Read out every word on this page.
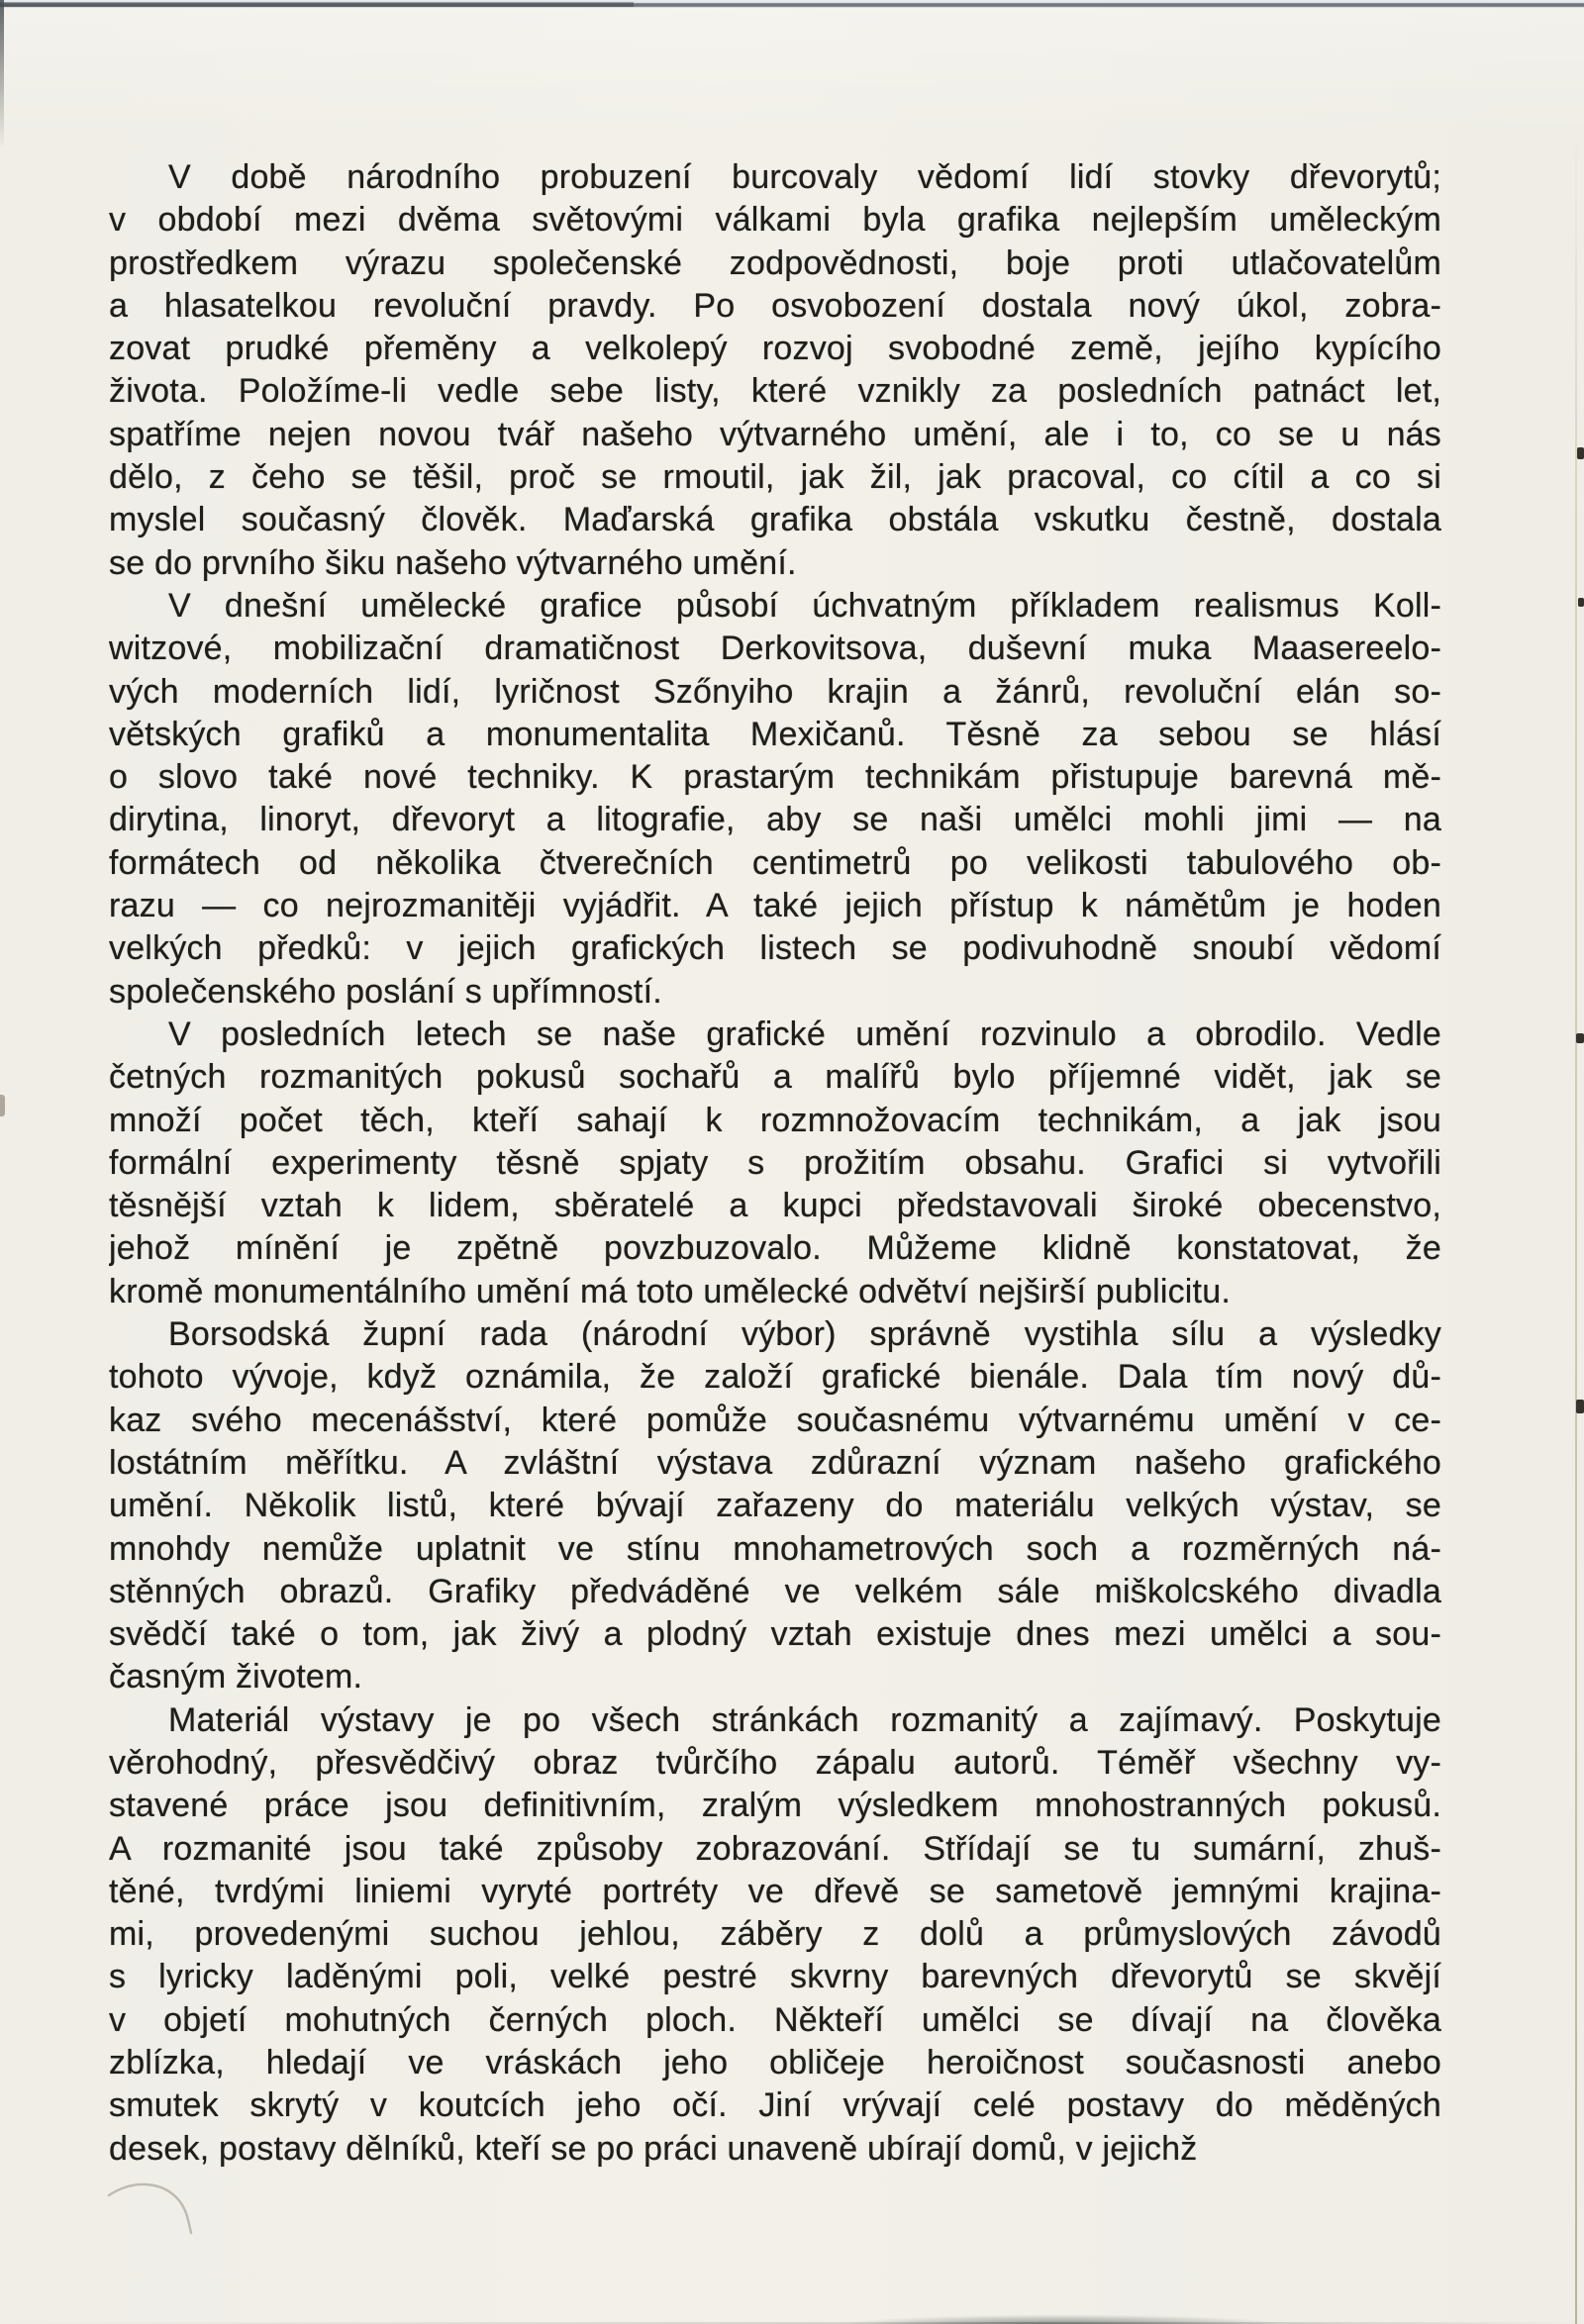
V době národního probuzení burcovaly vědomí lidí stovky dřevorytů;
v období mezi dvěma světovými válkami byla grafika nejlepším uměleckým
prostředkem výrazu společenské zodpovědnosti, boje proti utlačovatelům
a hlasatelkou revoluční pravdy. Po osvobození dostala nový úkol, zobra-
zovat prudké přeměny a velkolepý rozvoj svobodné země, jejího kypícího
života. Položíme-li vedle sebe listy, které vznikly za posledních patnáct let,
spatříme nejen novou tvář našeho výtvarného umění, ale i to, co se u nás
dělo, z čeho se těšil, proč se rmoutil, jak žil, jak pracoval, co cítil a co si
myslel současný člověk. Maďarská grafika obstála vskutku čestně, dostala
se do prvního šiku našeho výtvarného umění.
V dnešní umělecké grafice působí úchvatným příkladem realismus Koll-
witzové, mobilizační dramatičnost Derkovitsova, duševní muka Maasereelo-
vých moderních lidí, lyričnost Szőnyiho krajin a žánrů, revoluční elán so-
větských grafiků a monumentalita Mexičanů. Těsně za sebou se hlásí
o slovo také nové techniky. K prastarým technikám přistupuje barevná mě-
dirytina, linoryt, dřevoryt a litografie, aby se naši umělci mohli jimi — na
formátech od několika čtverečních centimetrů po velikosti tabulového ob-
razu — co nejrozmanitěji vyjádřit. A také jejich přístup k námětům je hoden
velkých předků: v jejich grafických listech se podivuhodně snoubí vědomí
společenského poslání s upřímností.
V posledních letech se naše grafické umění rozvinulo a obrodilo. Vedle
četných rozmanitých pokusů sochařů a malířů bylo příjemné vidět, jak se
množí počet těch, kteří sahají k rozmnožovacím technikám, a jak jsou
formální experimenty těsně spjaty s prožitím obsahu. Grafici si vytvořili
těsnější vztah k lidem, sběratelé a kupci představovali široké obecenstvo,
jehož mínění je zpětně povzbuzovalo. Můžeme klidně konstatovat, že
kromě monumentálního umění má toto umělecké odvětví nejširší publicitu.
Borsodská župní rada (národní výbor) správně vystihla sílu a výsledky
tohoto vývoje, když oznámila, že založí grafické bienále. Dala tím nový dů-
kaz svého mecenášství, které pomůže současnému výtvarnému umění v ce-
lostátním měřítku. A zvláštní výstava zdůrazní význam našeho grafického
umění. Několik listů, které bývají zařazeny do materiálu velkých výstav, se
mnohdy nemůže uplatnit ve stínu mnohametrových soch a rozměrných ná-
stěnných obrazů. Grafiky předváděné ve velkém sále miškolcského divadla
svědčí také o tom, jak živý a plodný vztah existuje dnes mezi umělci a sou-
časným životem.
Materiál výstavy je po všech stránkách rozmanitý a zajímavý. Poskytuje
věrohodný, přesvědčivý obraz tvůrčího zápalu autorů. Téměř všechny vy-
stavené práce jsou definitivním, zralým výsledkem mnohostranných pokusů.
A rozmanité jsou také způsoby zobrazování. Střídají se tu sumární, zhuš-
těné, tvrdými liniemi vyryté portréty ve dřevě se sametově jemnými krajina-
mi, provedenými suchou jehlou, záběry z dolů a průmyslových závodů
s lyricky laděnými poli, velké pestré skvrny barevných dřevorytů se skvějí
v objetí mohutných černých ploch. Někteří umělci se dívají na člověka
zblízka, hledají ve vráskách jeho obličeje heroičnost současnosti anebo
smutek skrytý v koutcích jeho očí. Jiní vrývají celé postavy do měděných
desek, postavy dělníků, kteří se po práci unaveně ubírají domů, v jejichž
